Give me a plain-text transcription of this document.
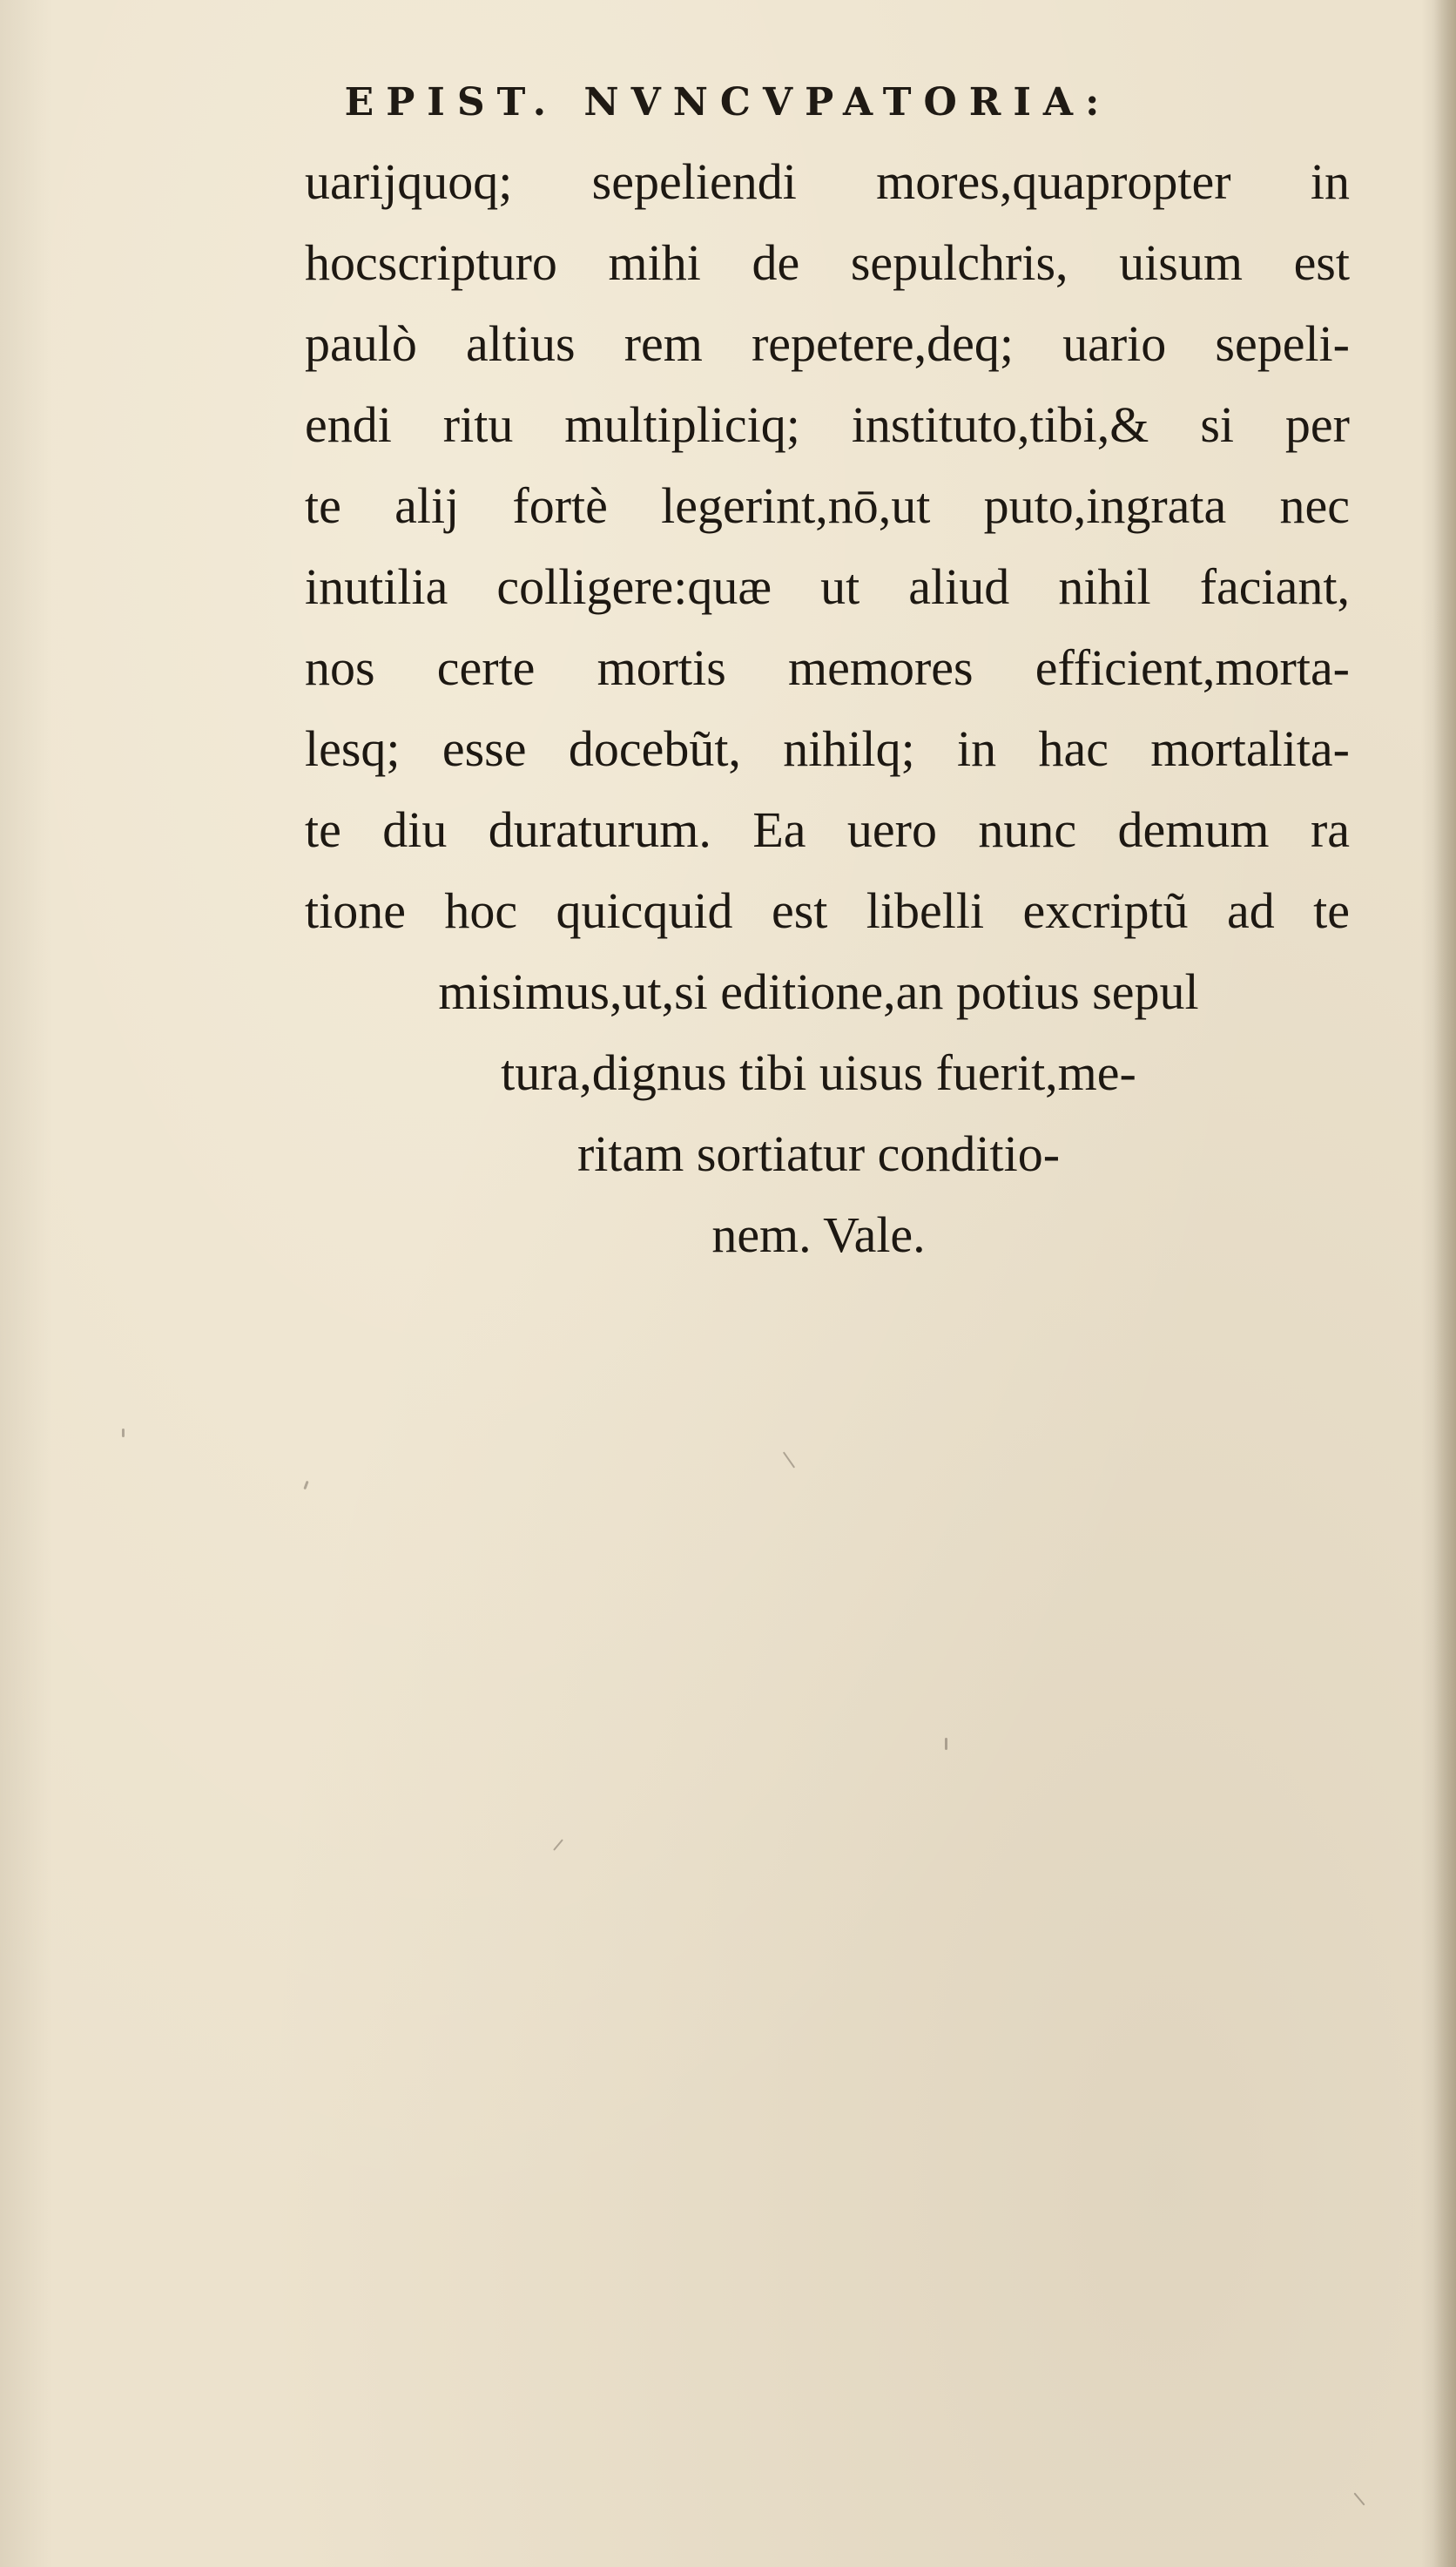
EPIST. NVNCVPATORIA:
uarijquoq; sepeliendi mores,quapropter in
hocscripturo mihi de sepulchris, uisum est
paulò altius rem repetere,deq; uario sepeli-
endi ritu multipliciq; instituto,tibi,& si per
te alij fortè legerint,nō,ut puto,ingrata nec
inutilia colligere:quæ ut aliud nihil faciant,
nos certe mortis memores efficient,morta-
lesq; esse docebũt, nihilq; in hac mortalita-
te diu duraturum. Ea uero nunc demum ra
tione hoc quicquid est libelli excriptũ ad te
misimus,ut,si editione,an potius sepul
tura,dignus tibi uisus fuerit,me-
ritam sortiatur conditio-
nem. Vale.
